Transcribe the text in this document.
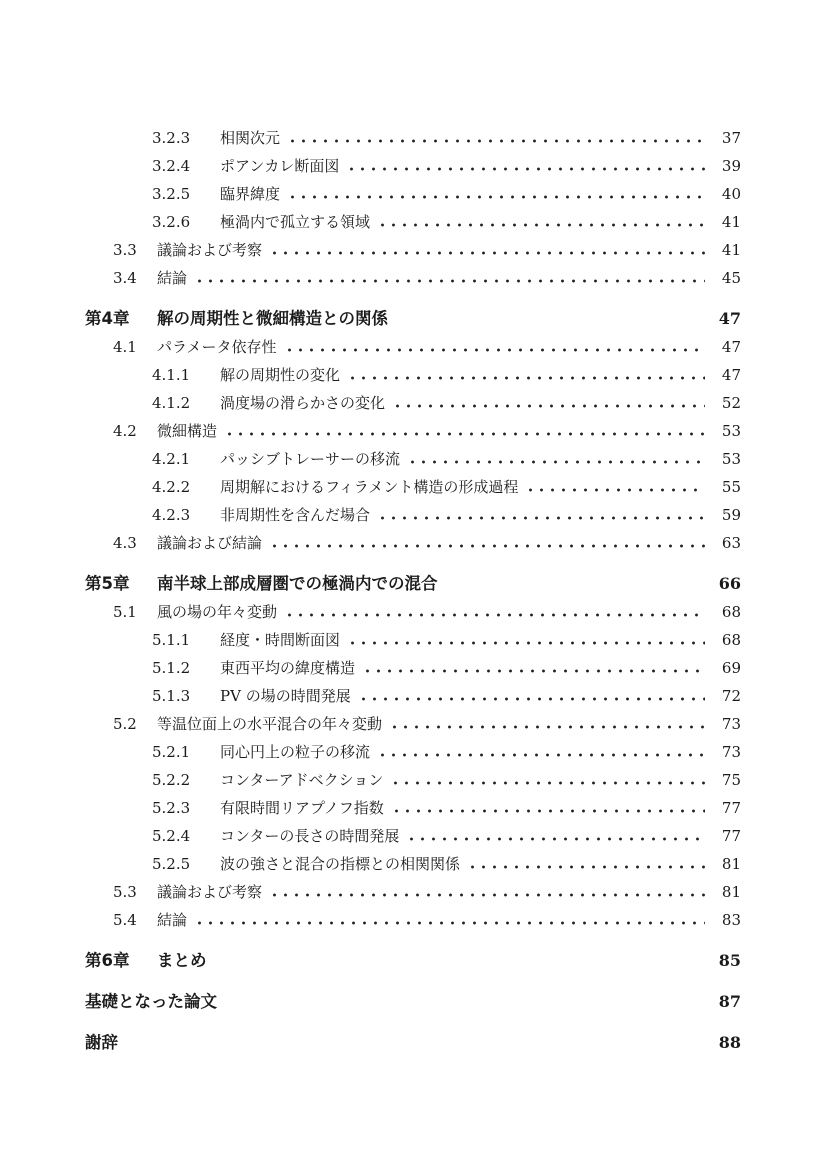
3.2.3	相関次元	37
3.2.4	ポアンカレ断面図	39
3.2.5	臨界緯度	40
3.2.6	極渦内で孤立する領域	41
3.3	議論および考察	41
3.4	結論	45
第4章	解の周期性と微細構造との関係	47
4.1	パラメータ依存性	47
4.1.1	解の周期性の変化	47
4.1.2	渦度場の滑らかさの変化	52
4.2	微細構造	53
4.2.1	パッシブトレーサーの移流	53
4.2.2	周期解におけるフィラメント構造の形成過程	55
4.2.3	非周期性を含んだ場合	59
4.3	議論および結論	63
第5章	南半球上部成層圏での極渦内での混合	66
5.1	風の場の年々変動	68
5.1.1	経度・時間断面図	68
5.1.2	東西平均の緯度構造	69
5.1.3	PV の場の時間発展	72
5.2	等温位面上の水平混合の年々変動	73
5.2.1	同心円上の粒子の移流	73
5.2.2	コンターアドベクション	75
5.2.3	有限時間リアプノフ指数	77
5.2.4	コンターの長さの時間発展	77
5.2.5	波の強さと混合の指標との相関関係	81
5.3	議論および考察	81
5.4	結論	83
第6章	まとめ	85
基礎となった論文	87
謝辞	88
